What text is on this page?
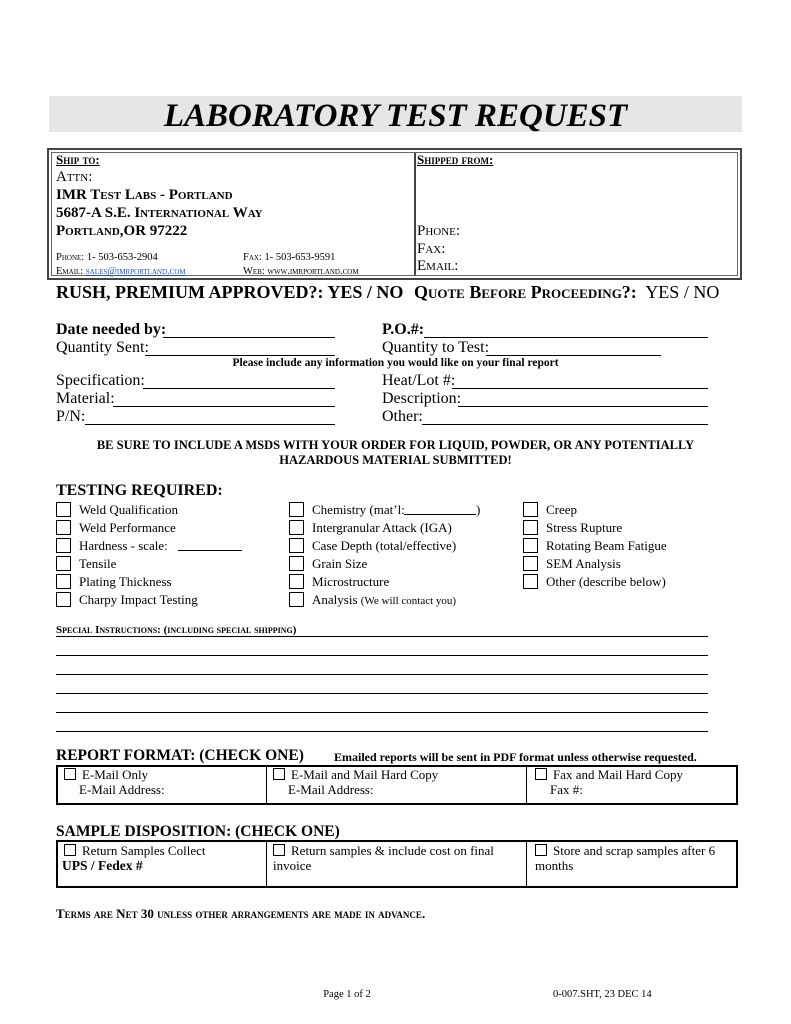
LABORATORY TEST REQUEST
Ship to:
Attn:
IMR Test Labs - Portland
5687-A S.E. International Way
Portland,OR 97222
Phone: 1- 503-653-2904	Fax: 1- 503-653-9591
Email: sales@imrportland.com	Web: www.imrportland.com
Shipped from:
Phone:
Fax:
Email:
RUSH, PREMIUM APPROVED?: YES / NO Quote Before Proceeding?: YES / NO
Date needed by:	P.O.#:
Quantity Sent:	Quantity to Test:
Please include any information you would like on your final report
Specification:	Heat/Lot #:
Material:	Description:
P/N:	Other:
BE SURE TO INCLUDE A MSDS WITH YOUR ORDER FOR LIQUID, POWDER, OR ANY POTENTIALLY
HAZARDOUS MATERIAL SUBMITTED!
TESTING REQUIRED:
Weld Qualification
Weld Performance
Hardness - scale:
Tensile
Plating Thickness
Charpy Impact Testing
Chemistry (mat’l:	)
Intergranular Attack (IGA)
Case Depth (total/effective)
Grain Size
Microstructure
Analysis (We will contact you)
Creep
Stress Rupture
Rotating Beam Fatigue
SEM Analysis
Other (describe below)
Special Instructions: (including special shipping)
REPORT FORMAT: (CHECK ONE)	Emailed reports will be sent in PDF format unless otherwise requested.
E-Mail Only
E-Mail Address:
E-Mail and Mail Hard Copy
E-Mail Address:
Fax and Mail Hard Copy
Fax #:
SAMPLE DISPOSITION: (CHECK ONE)
Return Samples Collect
UPS / Fedex #
Return samples & include cost on final
invoice
Store and scrap samples after 6
months
Terms are Net 30 unless other arrangements are made in advance.
Page 1 of 2	0-007.SHT, 23 DEC 14
